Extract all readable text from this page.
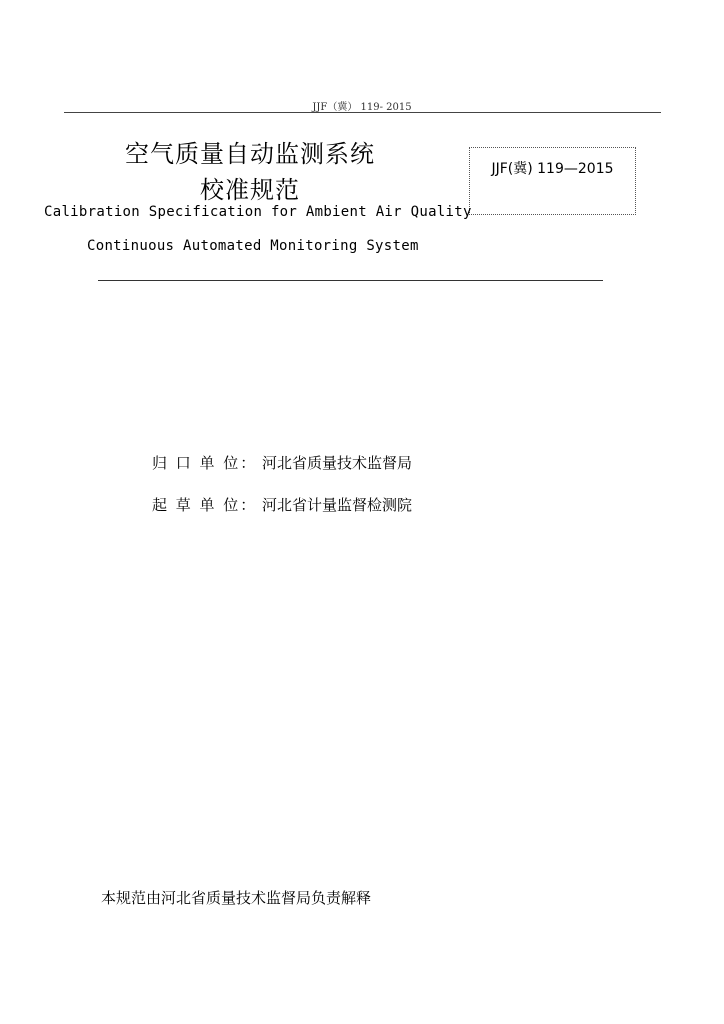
JJF（冀） 119- 2015
空气质量自动监测系统
校准规范
JJF(冀) 119—2015
Calibration Specification for Ambient Air Quality
Continuous Automated Monitoring System
归 口 单 位： 河北省质量技术监督局
起 草 单 位： 河北省计量监督检测院
本规范由河北省质量技术监督局负责解释
